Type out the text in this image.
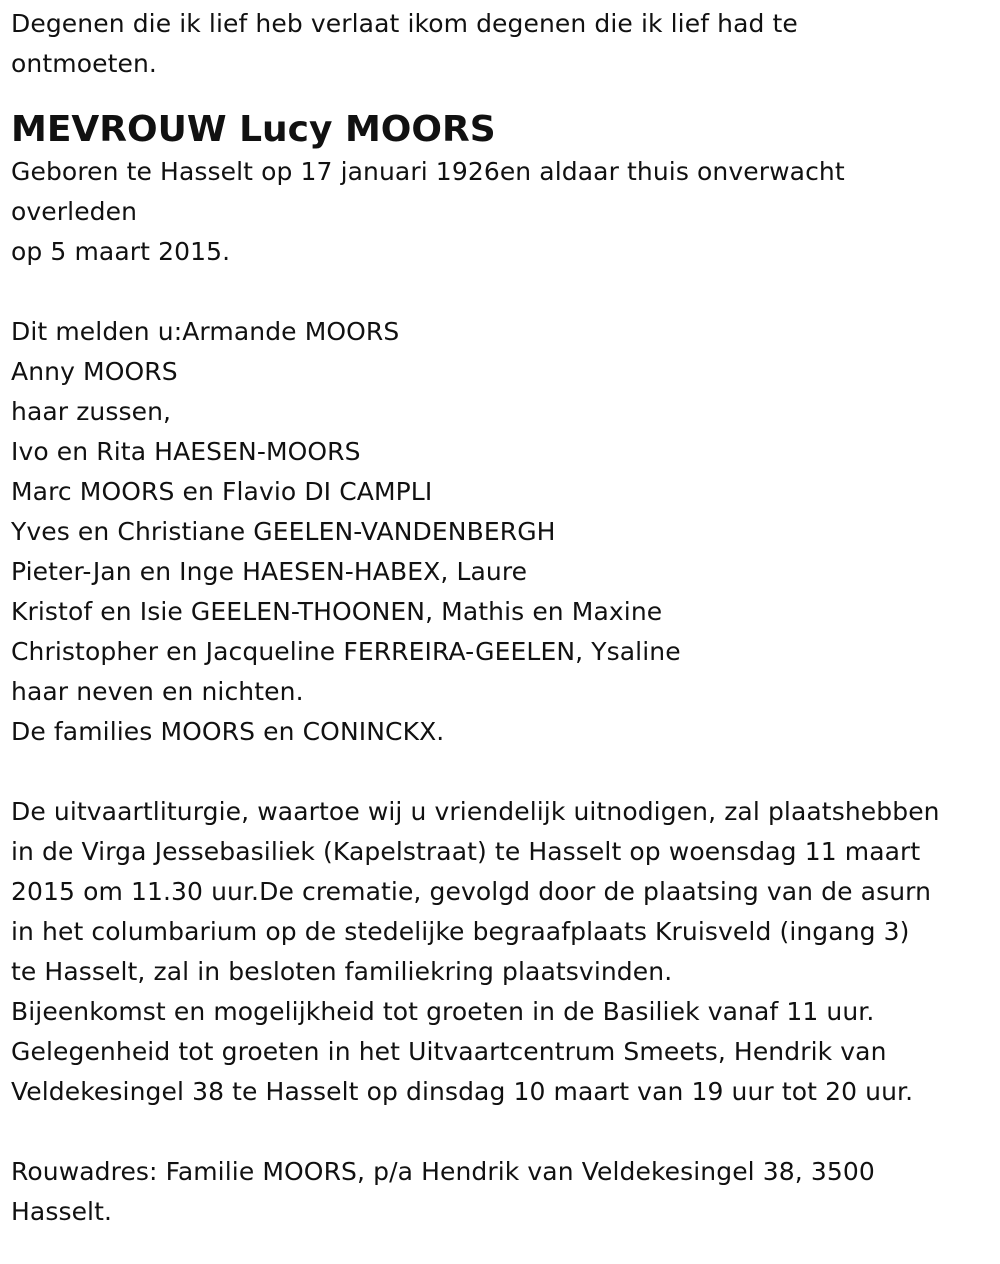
Degenen die ik lief heb verlaat ikom degenen die ik lief had te
ontmoeten.
MEVROUW Lucy MOORS
Geboren te Hasselt op 17 januari 1926en aldaar thuis onverwacht
overleden
op 5 maart 2015.
Dit melden u:Armande MOORS
Anny MOORS
haar zussen,
Ivo en Rita HAESEN-MOORS
Marc MOORS en Flavio DI CAMPLI
Yves en Christiane GEELEN-VANDENBERGH
Pieter-Jan en Inge HAESEN-HABEX, Laure
Kristof en Isie GEELEN-THOONEN, Mathis en Maxine
Christopher en Jacqueline FERREIRA-GEELEN, Ysaline
haar neven en nichten.
De families MOORS en CONINCKX.
De uitvaartliturgie, waartoe wij u vriendelijk uitnodigen, zal plaatshebben
in de Virga Jessebasiliek (Kapelstraat) te Hasselt op woensdag 11 maart
2015 om 11.30 uur.De crematie, gevolgd door de plaatsing van de asurn
in het columbarium op de stedelijke begraafplaats Kruisveld (ingang 3)
te Hasselt, zal in besloten familiekring plaatsvinden.
Bijeenkomst en mogelijkheid tot groeten in de Basiliek vanaf 11 uur.
Gelegenheid tot groeten in het Uitvaartcentrum Smeets, Hendrik van
Veldekesingel 38 te Hasselt op dinsdag 10 maart van 19 uur tot 20 uur.
Rouwadres: Familie MOORS, p/a Hendrik van Veldekesingel 38, 3500
Hasselt.
